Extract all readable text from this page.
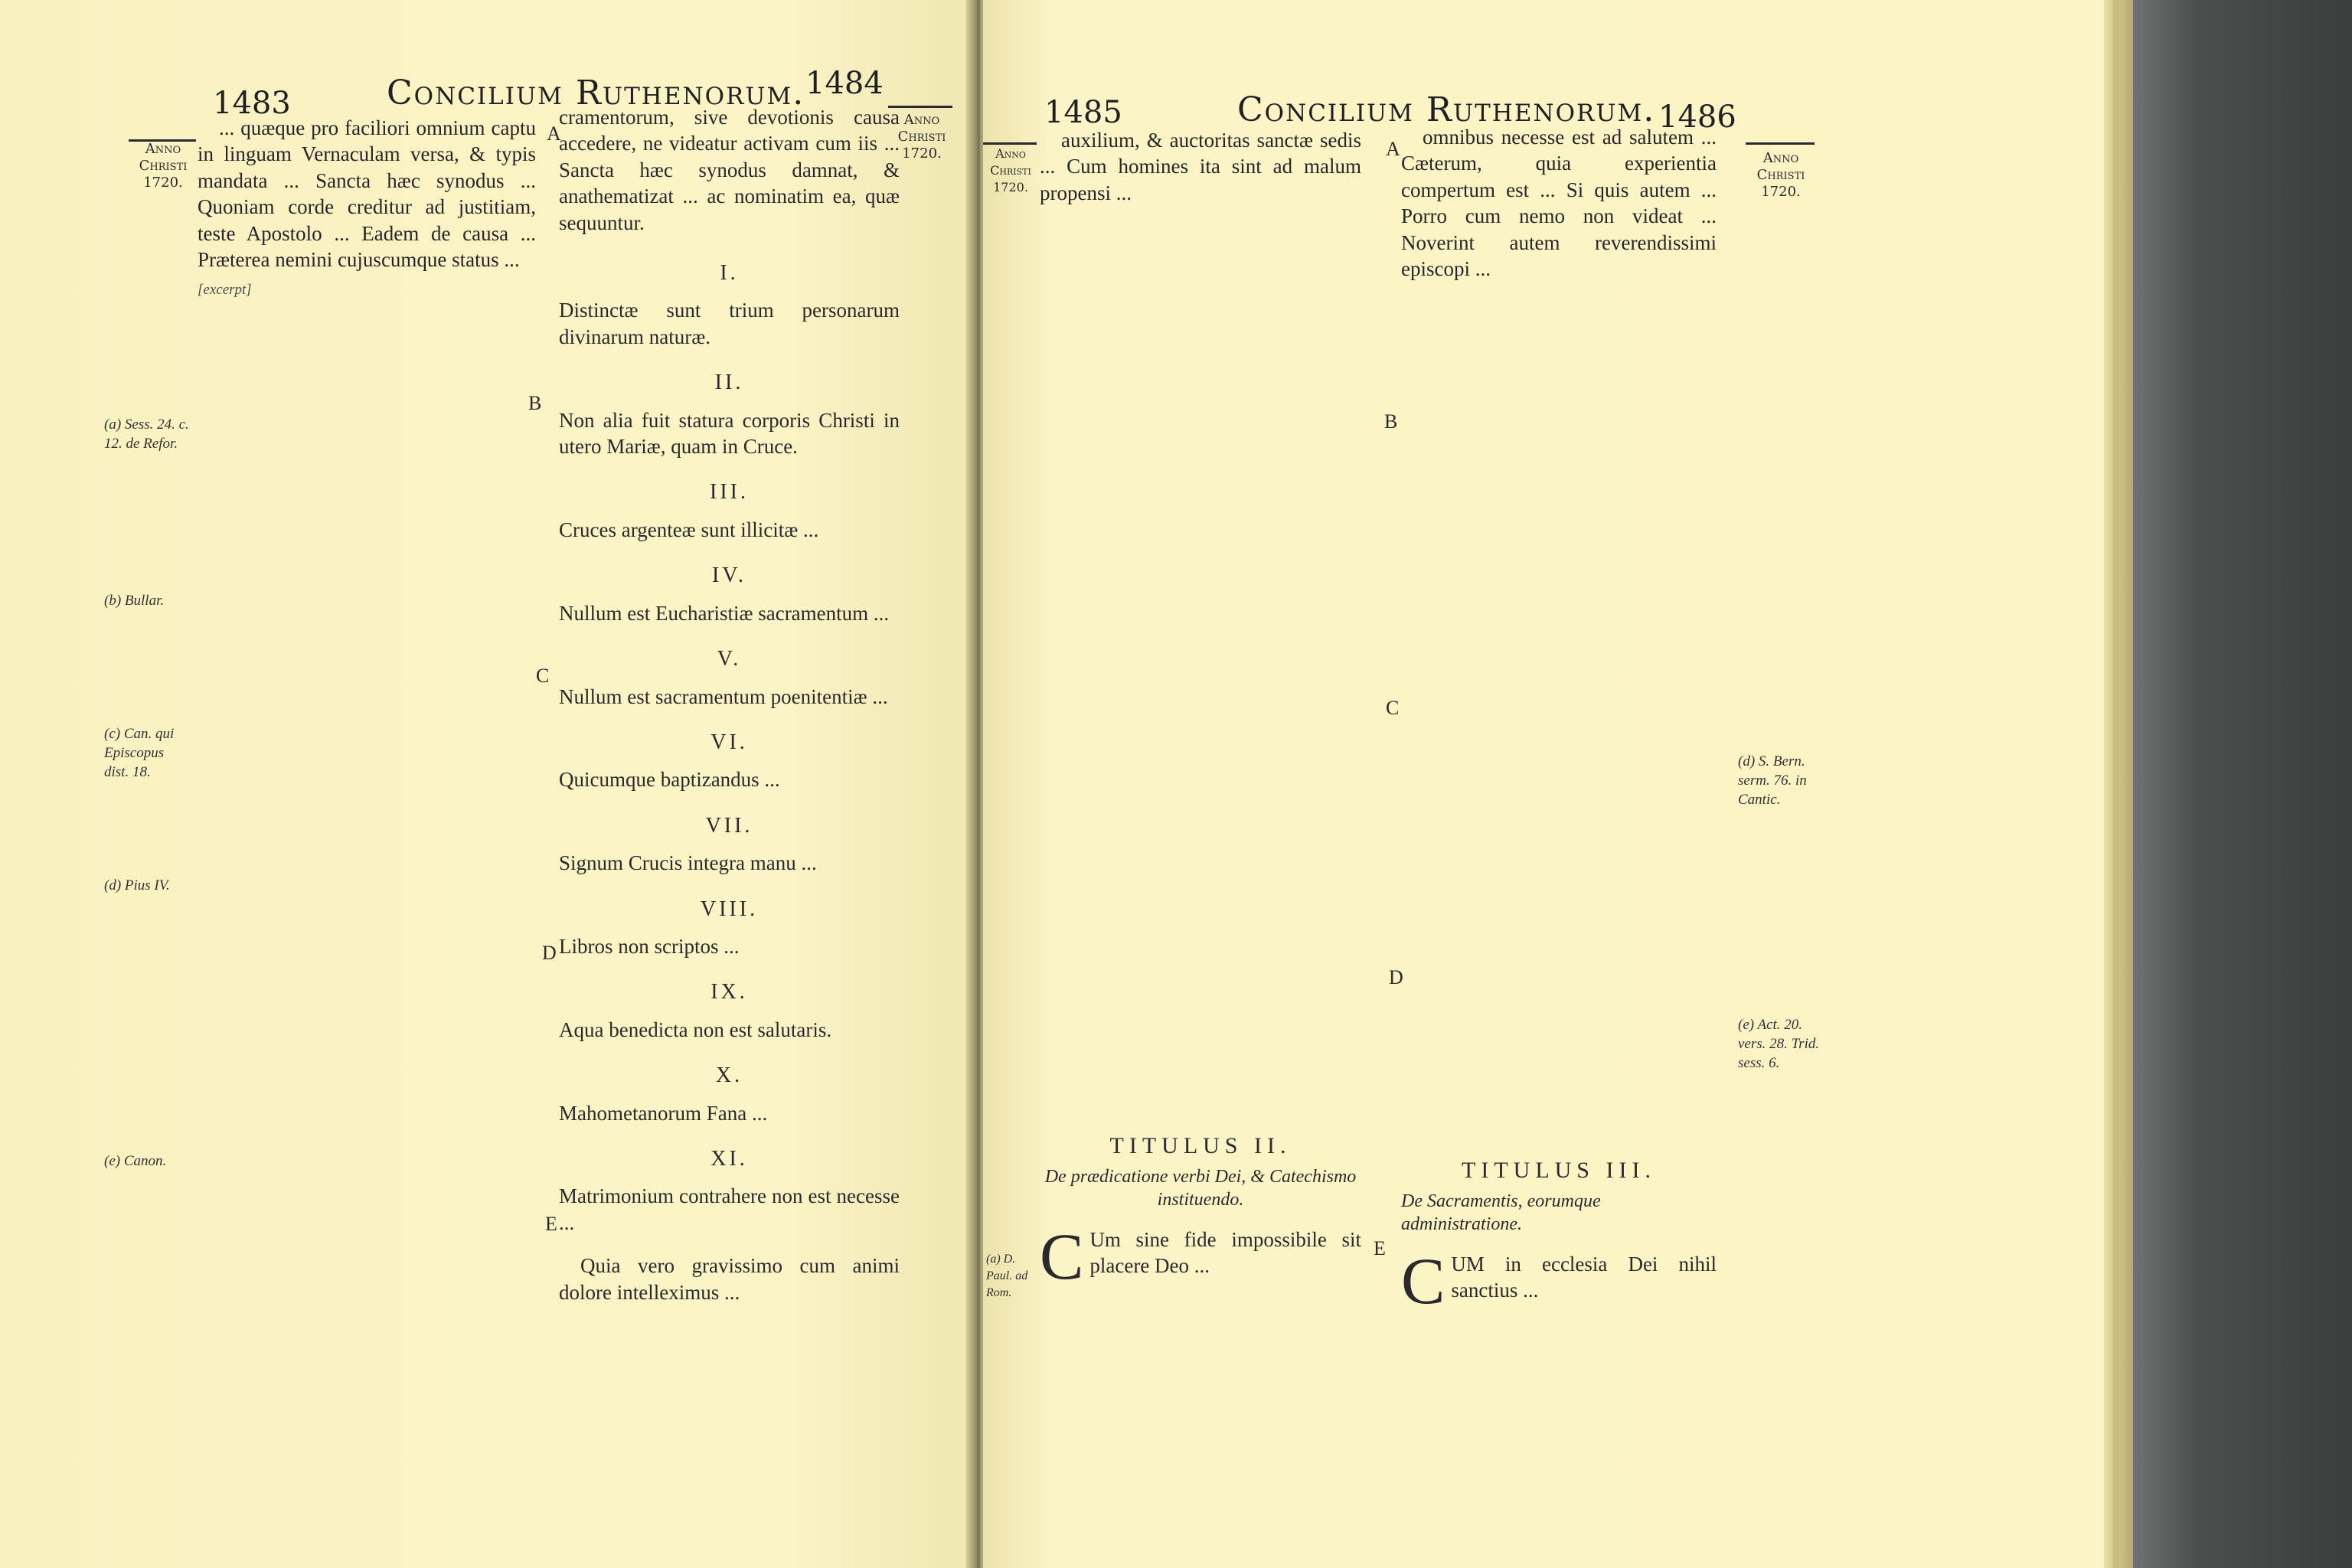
1483	Concilium Ruthenorum. 1484
Anno
Christi
1720.
Anno
Christi
1720.
(a) Sess. 24. c. 12. de Refor.
(b) Bullar.
(c) Can. qui Episcopus dist. 18.
(d) Pius IV.
(e) Canon.

... quæque pro faciliori omnium captu in linguam Vernaculam versa, & typis mandata ... Sancta hæc synodus ... Quoniam corde creditur ad justitiam, teste Apostolo ... Eadem de causa ... Præterea nemini cujuscumque status ...

[excerpt]
A
B
C
D
E
cramentorum, sive devotionis causa accedere, ne videatur activam cum iis ... Sancta hæc synodus damnat, & anathematizat ... ac nominatim ea, quæ sequuntur.

I.

Distinctæ sunt trium personarum divinarum naturæ.

II.

Non alia fuit statura corporis Christi in utero Mariæ, quam in Cruce.

III.

Cruces argenteæ sunt illicitæ ...

IV.

Nullum est Eucharistiæ sacramentum ...

V.

Nullum est sacramentum poenitentiæ ...

VI.

Quicumque baptizandus ...

VII.

Signum Crucis integra manu ...

VIII.

Libros non scriptos ...

IX.

Aqua benedicta non est salutaris.

X.

Mahometanorum Fana ...

XI.

Matrimonium contrahere non est necesse ...

Quia vero gravissimo cum animi dolore intelleximus ...
1485	Concilium Ruthenorum. 1486
Anno
Christi
1720.
Anno
Christi
1720.

auxilium, & auctoritas sanctæ sedis ... Cum homines ita sint ad malum propensi ...

TITULUS II.

De prædicatione verbi Dei, & Catechismo instituendo.

C Um sine fide impossibile sit placere Deo ...
A
B
C
D
E

omnibus necesse est ad salutem ... Cæterum, quia experientia compertum est ... Si quis autem ... Porro cum nemo non videat ... Noverint autem reverendissimi episcopi ...

TITULUS III.

De Sacramentis, eorumque administratione.

CUM in ecclesia Dei nihil sanctius ...
(d) S. Bern. serm. 76. in Cantic.
(e) Act. 20. vers. 28. Trid. sess. 6.
(a) D. Paul. ad Rom.
